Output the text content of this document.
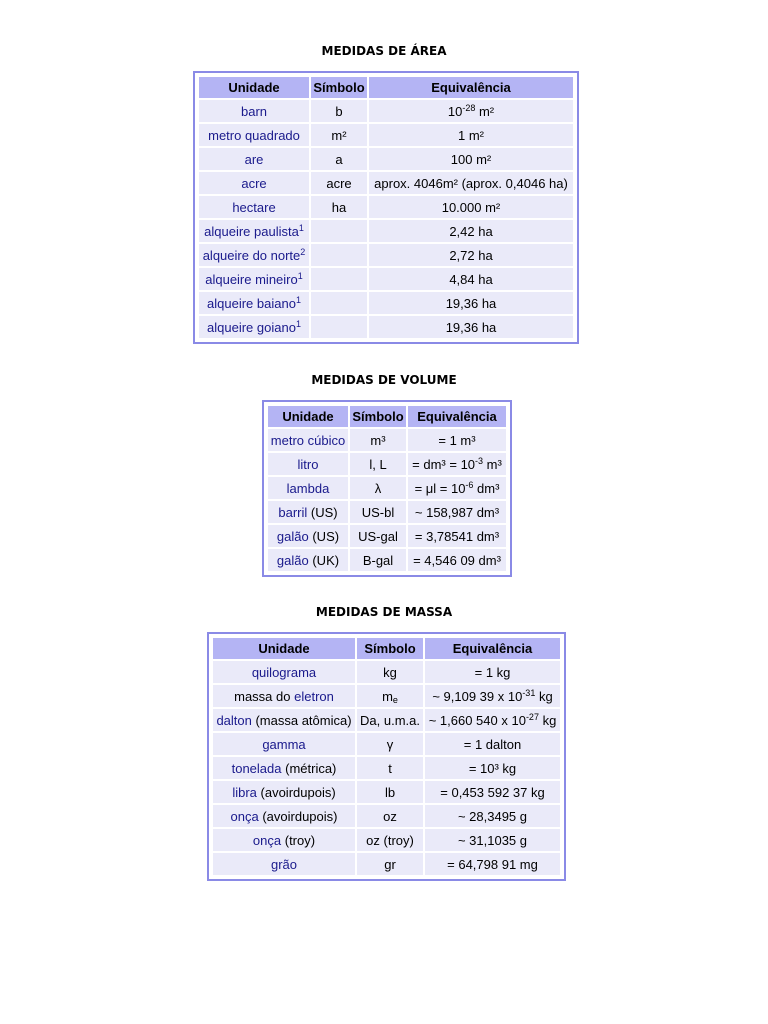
MEDIDAS DE ÁREA
Unidade	Símbolo	Equivalência
barn	b	$10^{-28}$ m²
metro quadrado	m²	1 m²
are	a	100 m²
acre	acre	aprox. 4046m² (aprox. 0,4046 ha)
hectare	ha	10.000 m²
alqueire paulista$^1$		2,42 ha
alqueire do norte$^2$		2,72 ha
alqueire mineiro$^1$		4,84 ha
alqueire baiano$^1$		19,36 ha
alqueire goiano$^1$		19,36 ha
MEDIDAS DE VOLUME
Unidade	Símbolo	Equivalência
metro cúbico	m³	= 1 m³
litro	l, L	= $dm^3 = 10^{-3}$ m³
lambda	λ	= $\mu l = 10^{-6}$ dm³
barril (US)	US-bl	~ 158,987 dm³
galão (US)	US-gal	= 3,78541 dm³
galão (UK)	B-gal	= 4,546 09 dm³
MEDIDAS DE MASSA
Unidade	Símbolo	Equivalência
quilograma	kg	= 1 kg
massa do eletron	$m_e$	~ 9,109 39 x $10^{-31}$ kg
dalton (massa atômica)	Da, u.m.a.	~ 1,660 540 x $10^{-27}$ kg
gamma	γ	= 1 dalton
tonelada (métrica)	t	= 10³ kg
libra (avoirdupois)	lb	= 0,453 592 37 kg
onça (avoirdupois)	oz	~ 28,3495 g
onça (troy)	oz (troy)	~ 31,1035 g
grão	gr	= 64,798 91 mg
